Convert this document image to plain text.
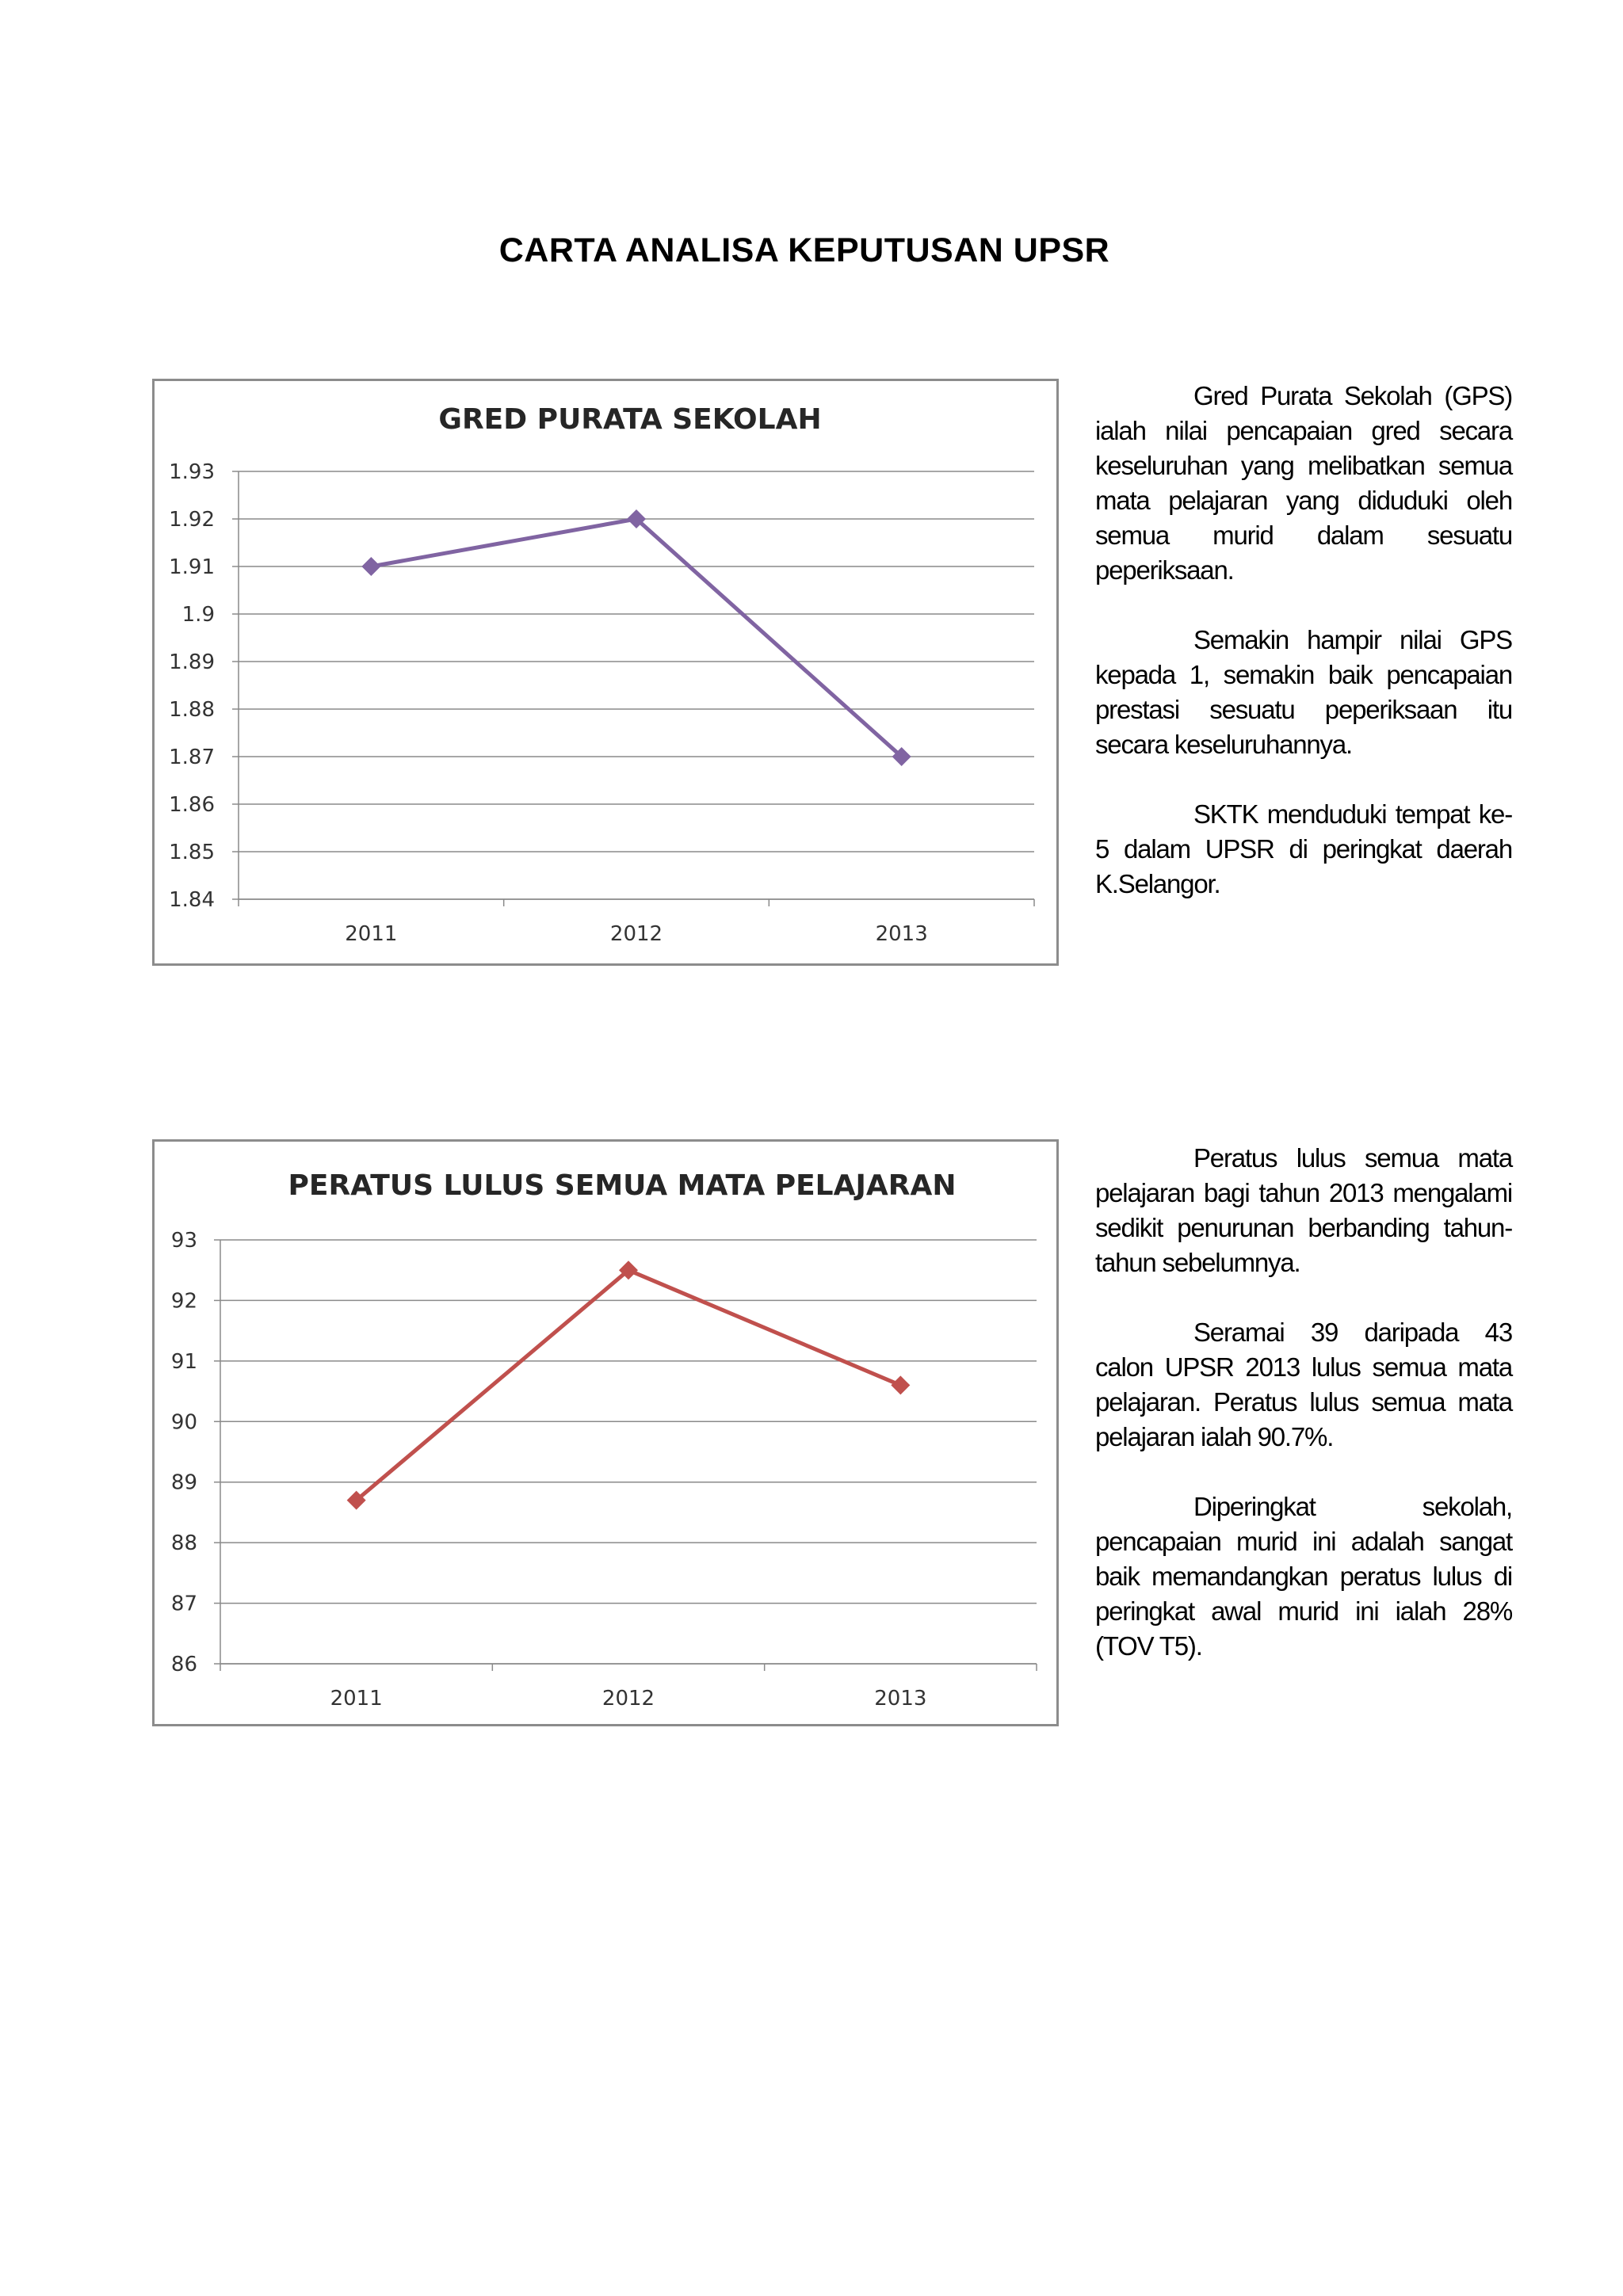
CARTA ANALISA KEPUTUSAN UPSR
GRED PURATA SEKOLAH
1.84
1.85
1.86
1.87
1.88
1.89
1.9
1.91
1.92
1.93
2011	2012	2013

Gred Purata Sekolah (GPS) ialah nilai pencapaian gred secara keseluruhan yang melibatkan semua mata pelajaran yang diduduki oleh semua murid dalam sesuatu peperiksaan.

Semakin hampir nilai GPS kepada 1, semakin baik pencapaian prestasi sesuatu peperiksaan itu secara keseluruhannya.

SKTK menduduki tempat ke-5 dalam UPSR di peringkat daerah K.Selangor.

PERATUS LULUS SEMUA MATA PELAJARAN
86
87
88
89
90
91
92
93
2011	2012	2013

Peratus lulus semua mata pelajaran bagi tahun 2013 mengalami sedikit penurunan berbanding tahun-tahun sebelumnya.

Seramai 39 daripada 43 calon UPSR 2013 lulus semua mata pelajaran. Peratus lulus semua mata pelajaran ialah 90.7%.

Diperingkat sekolah, pencapaian murid ini adalah sangat baik memandangkan peratus lulus di peringkat awal murid ini ialah 28% (TOV T5).
